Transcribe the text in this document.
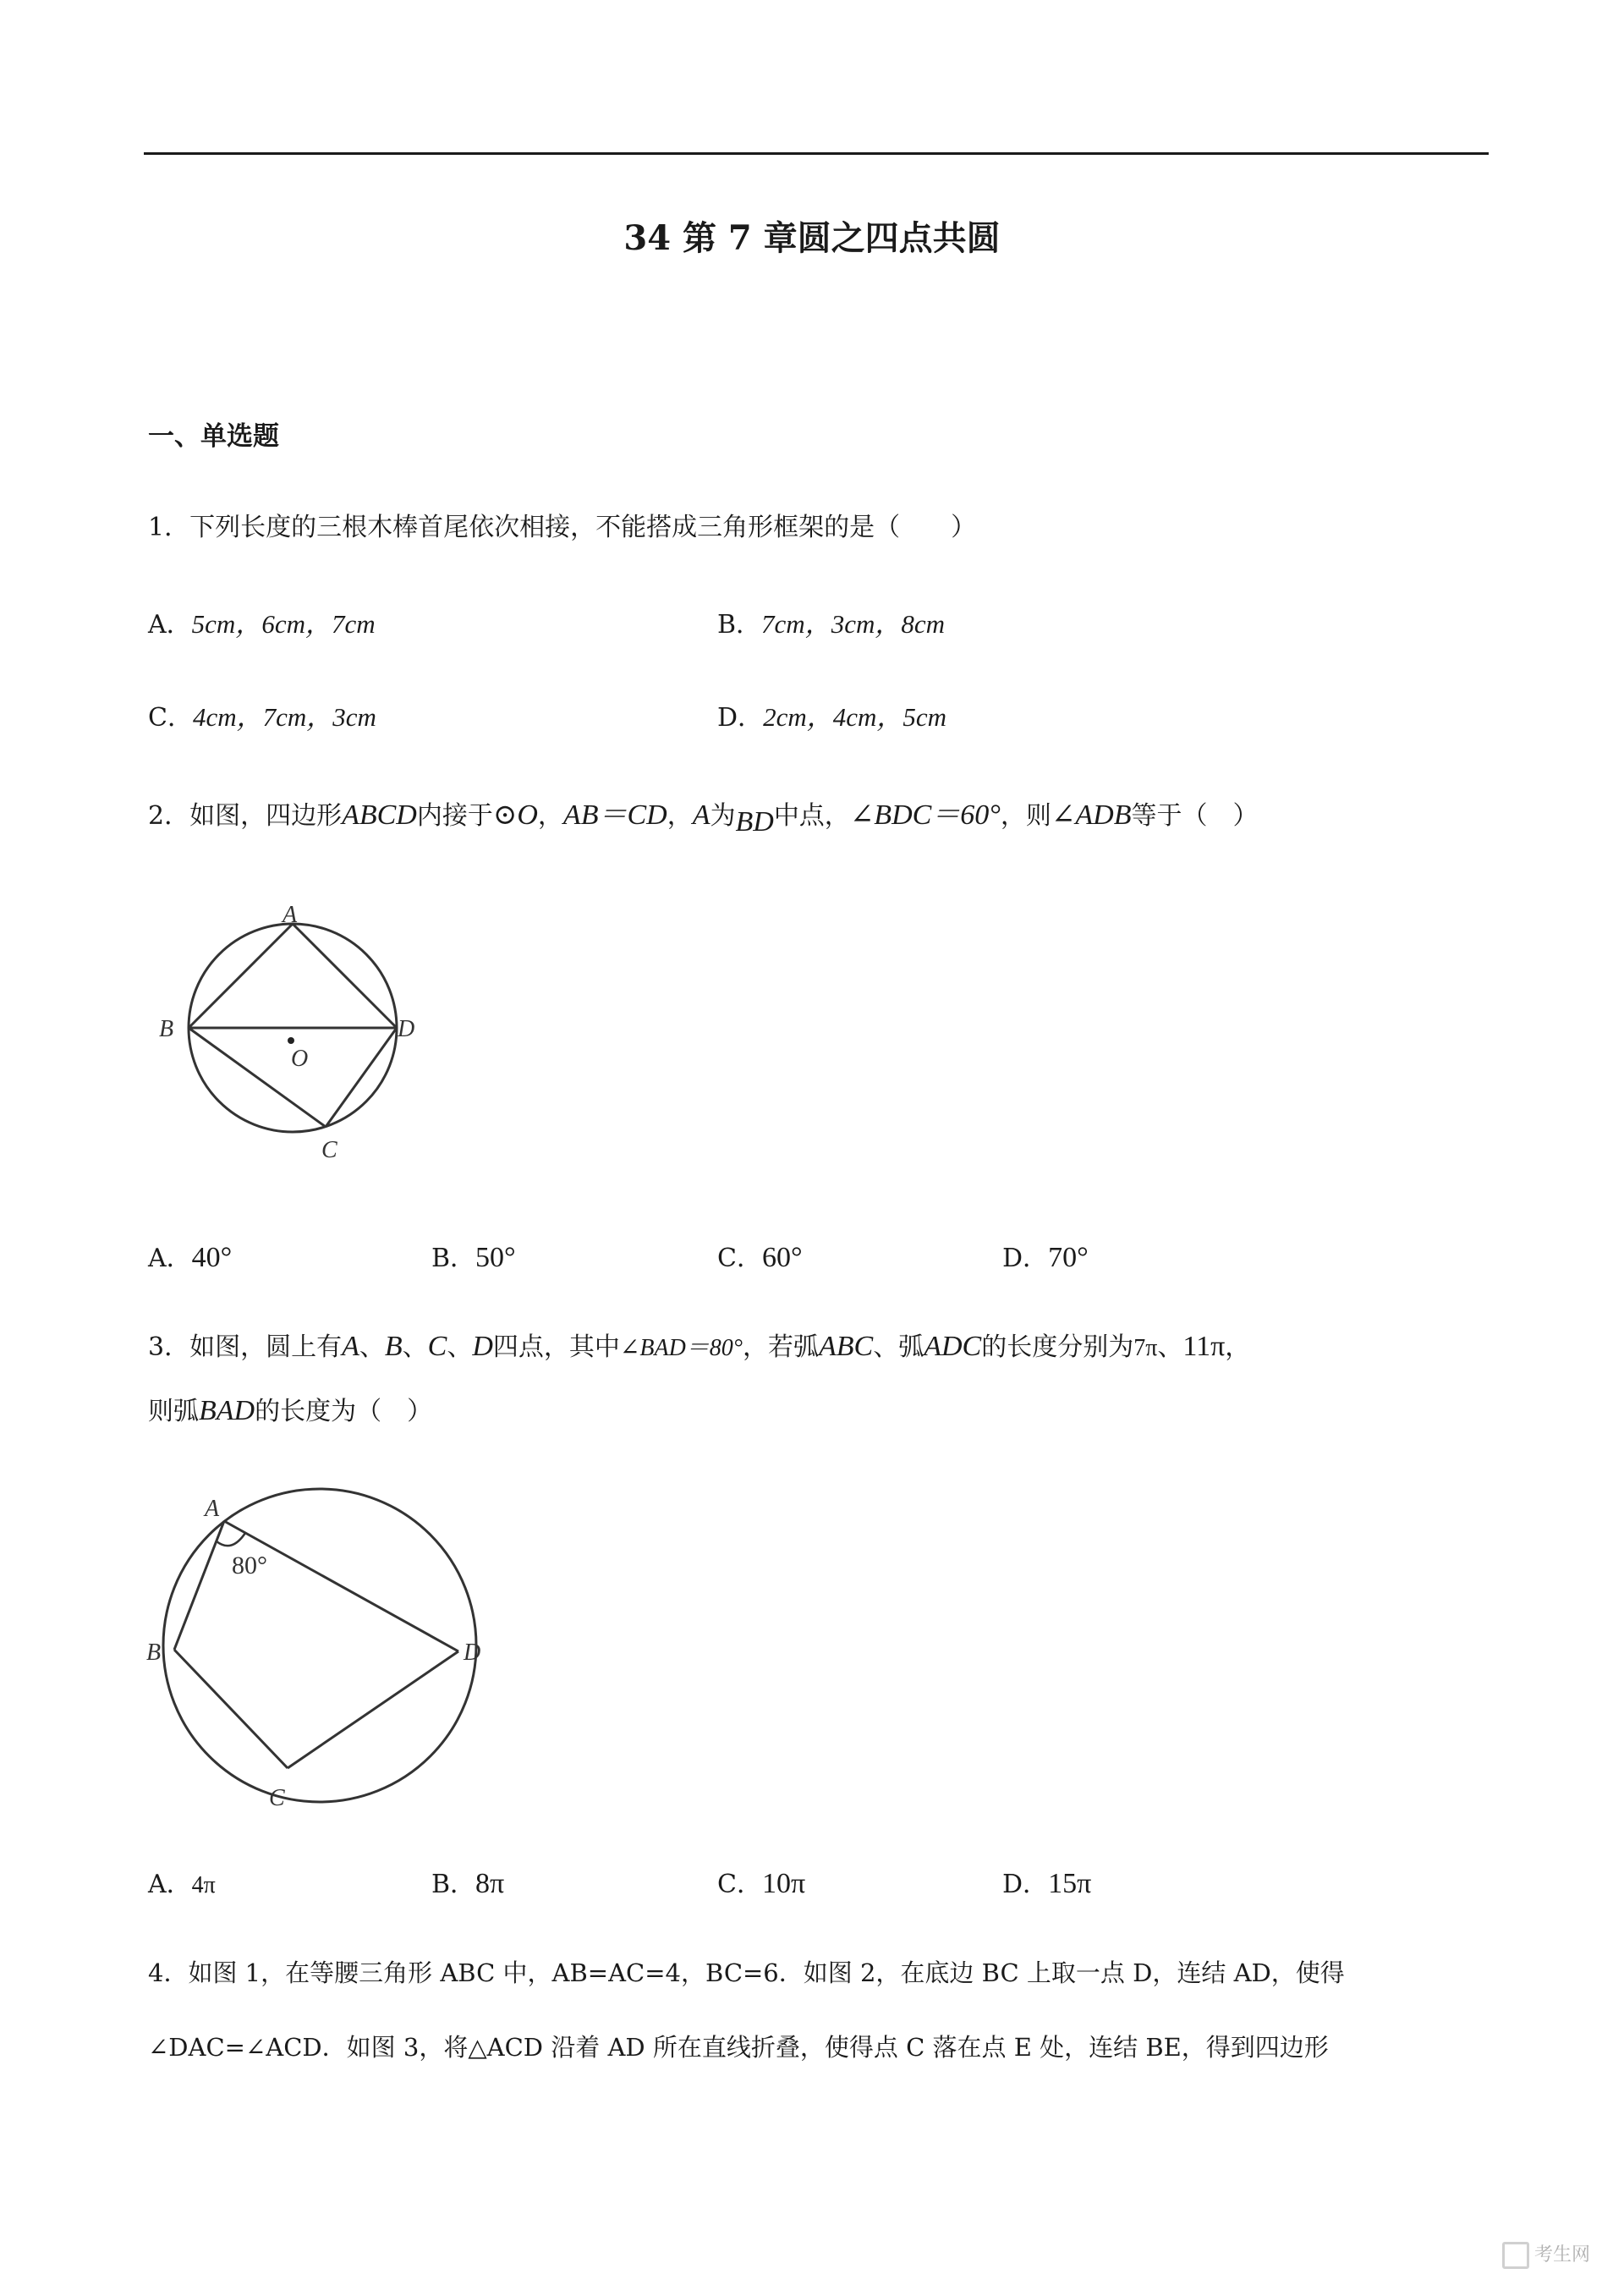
34 第 7 章圆之四点共圆
一、单选题
1．下列长度的三根木棒首尾依次相接，不能搭成三角形框架的是（　　）
A．5cm，6cm，7cm	B．7cm，3cm，8cm
C．4cm，7cm，3cm	D．2cm，4cm，5cm
2．如图，四边形ABCD内接于⊙O，AB＝CD，A为BD中点，∠BDC＝60°，则∠ADB等于（　）
A
B
C
D
O
A．40°	B．50°	C．60°	D．70°
3．如图，圆上有A、B、C、D四点，其中∠BAD＝80°，若弧ABC、弧ADC的长度分别为7π、11π，
则弧BAD的长度为（　）
A
B
C
D
80°
A．4π	B．8π	C．10π	D．15π
4．如图 1，在等腰三角形 ABC 中，AB=AC=4，BC=6．如图 2，在底边 BC 上取一点 D，连结 AD，使得
∠DAC=∠ACD．如图 3，将△ACD 沿着 AD 所在直线折叠，使得点 C 落在点 E 处，连结 BE，得到四边形
考生网
